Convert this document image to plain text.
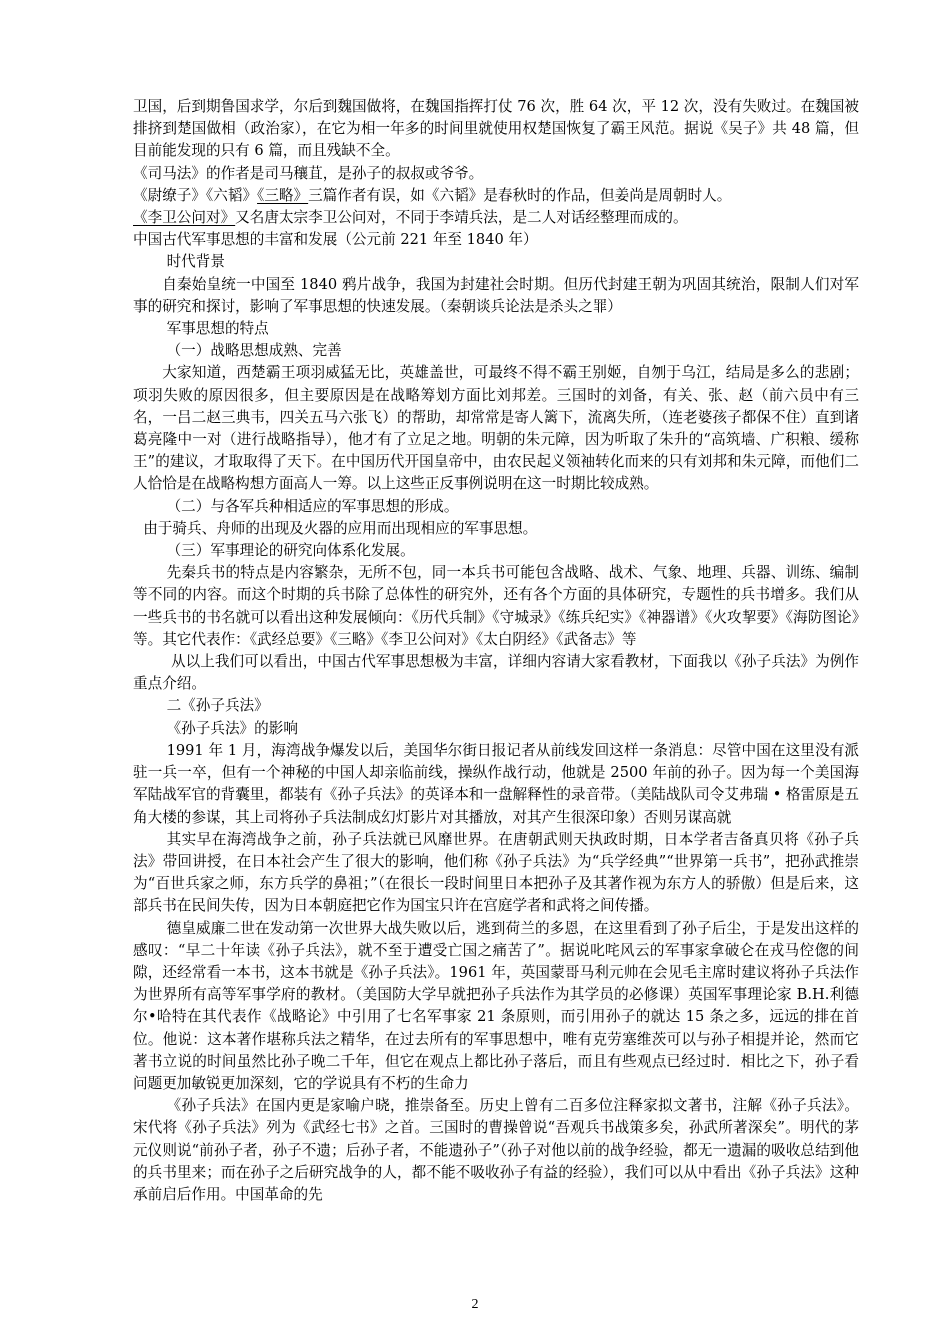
卫国，后到期鲁国求学，尔后到魏国做将，在魏国指挥打仗 76 次，胜 64 次，平 12 次，没有失败过。在魏国被排挤到楚国做相（政治家），在它为相一年多的时间里就使用权楚国恢复了霸王风范。据说《吴子》共 48 篇，但目前能发现的只有 6 篇，而且残缺不全。

《司马法》的作者是司马穰苴，是孙子的叔叔或爷爷。

《尉缭子》《六韬》《三略》三篇作者有误，如《六韬》是春秋时的作品，但姜尚是周朝时人。

《李卫公问对》又名唐太宗李卫公问对，不同于李靖兵法，是二人对话经整理而成的。

中国古代军事思想的丰富和发展（公元前 221 年至 1840 年）

时代背景

自秦始皇统一中国至 1840 鸦片战争，我国为封建社会时期。但历代封建王朝为巩固其统治，限制人们对军事的研究和探讨，影响了军事思想的快速发展。（秦朝谈兵论法是杀头之罪）

军事思想的特点

（一）战略思想成熟、完善

大家知道，西楚霸王项羽威猛无比，英雄盖世，可最终不得不霸王别姬，自刎于乌江，结局是多么的悲剧；项羽失败的原因很多，但主要原因是在战略筹划方面比刘邦差。三国时的刘备，有关、张、赵（前六员中有三名，一吕二赵三典韦，四关五马六张飞）的帮助，却常常是寄人篱下，流离失所，（连老婆孩子都保不住）直到诸葛亮隆中一对（进行战略指导），他才有了立足之地。明朝的朱元障，因为听取了朱升的“高筑墙、广积粮、缓称王”的建议，才取取得了天下。在中国历代开国皇帝中，由农民起义领袖转化而来的只有刘邦和朱元障，而他们二人恰恰是在战略构想方面高人一筹。以上这些正反事例说明在这一时期比较成熟。

（二）与各军兵种相适应的军事思想的形成。

由于骑兵、舟师的出现及火器的应用而出现相应的军事思想。

（三）军事理论的研究向体系化发展。

先秦兵书的特点是内容繁杂，无所不包，同一本兵书可能包含战略、战术、气象、地理、兵器、训练、编制等不同的内容。而这个时期的兵书除了总体性的研究外，还有各个方面的具体研究，专题性的兵书增多。我们从一些兵书的书名就可以看出这种发展倾向：《历代兵制》《守城录》《练兵纪实》《神器谱》《火攻挈要》《海防图论》等。其它代表作：《武经总要》《三略》《李卫公问对》《太白阴经》《武备志》等

从以上我们可以看出，中国古代军事思想极为丰富，详细内容请大家看教材，下面我以《孙子兵法》为例作重点介绍。

二《孙子兵法》

《孙子兵法》的影响

1991 年 1 月，海湾战争爆发以后，美国华尔街日报记者从前线发回这样一条消息：尽管中国在这里没有派驻一兵一卒，但有一个神秘的中国人却亲临前线，操纵作战行动，他就是 2500 年前的孙子。因为每一个美国海军陆战军官的背囊里，都装有《孙子兵法》的英译本和一盘解释性的录音带。（美陆战队司令艾弗瑞 • 格雷原是五角大楼的参谋，其上司将孙子兵法制成幻灯影片对其播放，对其产生很深印象）否则另谋高就

其实早在海湾战争之前，孙子兵法就已风靡世界。在唐朝武则天执政时期，日本学者吉备真贝将《孙子兵法》带回讲授，在日本社会产生了很大的影响，他们称《孙子兵法》为“兵学经典”“世界第一兵书”，把孙武推崇为“百世兵家之师，东方兵学的鼻祖；”（在很长一段时间里日本把孙子及其著作视为东方人的骄傲）但是后来，这部兵书在民间失传，因为日本朝庭把它作为国宝只许在宫庭学者和武将之间传播。

德皇威廉二世在发动第一次世界大战失败以后，逃到荷兰的多恩，在这里看到了孙子后尘，于是发出这样的感叹：“早二十年读《孙子兵法》，就不至于遭受亡国之痛苦了”。据说叱咤风云的军事家拿破仑在戎马倥偬的间隙，还经常看一本书，这本书就是《孙子兵法》。1961 年，英国蒙哥马利元帅在会见毛主席时建议将孙子兵法作为世界所有高等军事学府的教材。（美国防大学早就把孙子兵法作为其学员的必修课）英国军事理论家 B.H.利德尔•哈特在其代表作《战略论》中引用了七名军事家 21 条原则，而引用孙子的就达 15 条之多，远远的排在首位。他说：这本著作堪称兵法之精华，在过去所有的军事思想中，唯有克劳塞维茨可以与孙子相提并论，然而它著书立说的时间虽然比孙子晚二千年，但它在观点上都比孙子落后，而且有些观点已经过时．相比之下，孙子看问题更加敏锐更加深刻，它的学说具有不朽的生命力

《孙子兵法》在国内更是家喻户晓，推崇备至。历史上曾有二百多位注释家拟文著书，注解《孙子兵法》。宋代将《孙子兵法》列为《武经七书》之首。三国时的曹操曾说“吾观兵书战策多矣，孙武所著深矣”。明代的茅元仪则说“前孙子者，孙子不遗；后孙子者，不能遗孙子”（孙子对他以前的战争经验，都无一遗漏的吸收总结到他的兵书里来；而在孙子之后研究战争的人，都不能不吸收孙子有益的经验），我们可以从中看出《孙子兵法》这种承前启后作用。中国革命的先

2
